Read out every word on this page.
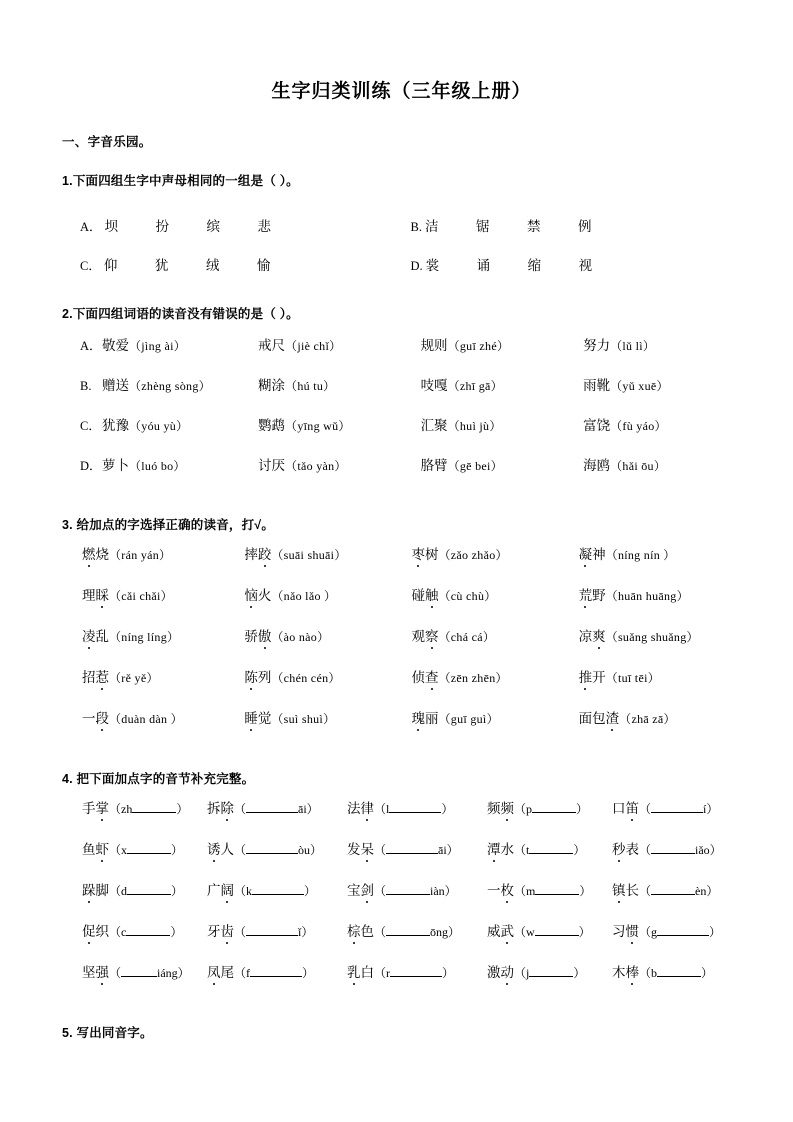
生字归类训练（三年级上册）
一、字音乐园。
1.下面四组生字中声母相同的一组是（ ）。
A． 坝	扮	缤	悲	B. 洁	锯	禁	例
C． 仰	犹	绒	愉	D. 裳	诵	缩	视
2.下面四组词语的读音没有错误的是（ ）。
A． 敬爱（jìng ài）	戒尺（jiè chǐ）	规则（guī zhé）	努力（lǔ lì）
B. 赠送（zhèng sòng）	糊涂（hú tu）	吱嘎（zhī gā）	雨靴（yǔ xuē）
C． 犹豫（yóu yù）	鹦鹉（yīng wǔ）	汇聚（huì jù）	富饶（fù yáo）
D． 萝卜（luó bo）	讨厌（tǎo yàn）	胳臂（gē bei）	海鸥（hǎi ōu）
3. 给加点的字选择正确的读音，打√。
燃烧（rán yán）	摔跤（suāi shuāi）	枣树（zǎo zhǎo）	凝神（níng nín ）
理睬（cǎi chǎi）	恼火（nǎo lǎo ）	碰触（cù chù）	荒野（huān huāng）
凌乱（níng líng）	骄傲（ào nào）	观察（chá cá）	凉爽（suǎng shuǎng）
招惹（rě yě）	陈列（chén cén）	侦查（zēn zhēn）	推开（tuī tēi）
一段（duàn dàn ）	睡觉（suì shuì）	瑰丽（guī guì）	面包渣（zhā zā）
4. 把下面加点字的音节补充完整。
手掌（zh	）	拆除（	āi）	法律（l	）	频频（p	）	口笛（	í）
鱼虾（x	）	诱人（	òu）	发呆（	āi）	潭水（t	）	秒表（	iǎo）
跺脚（d	）	广阔（k	）	宝剑（	iàn）	一枚（m	）	镇长（	èn）
促织（c	）	牙齿（	ǐ）	棕色（	ōng）	威武（w	）	习惯（g	）
坚强（	iáng）	凤尾（f	）	乳白（r	）	激动（j	）	木棒（b	）
5. 写出同音字。
